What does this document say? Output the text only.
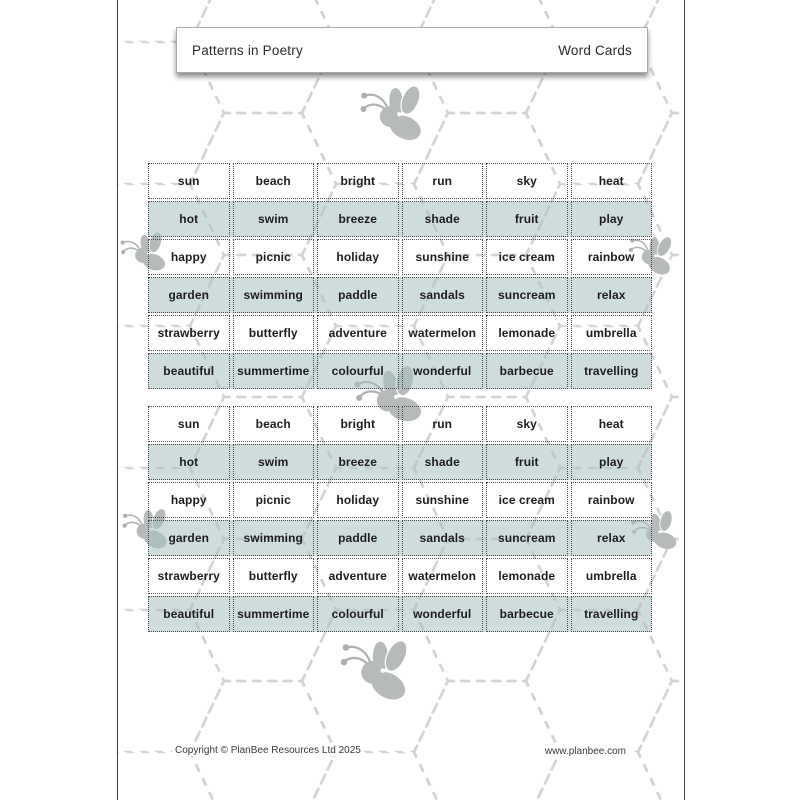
Patterns in Poetry	Word Cards
sun	beach	bright	run	sky	heat
hot	swim	breeze	shade	fruit	play
happy	picnic	holiday	sunshine	ice cream	rainbow
garden	swimming	paddle	sandals	suncream	relax
strawberry	butterfly	adventure	watermelon	lemonade	umbrella
beautiful	summertime	colourful	wonderful	barbecue	travelling
sun	beach	bright	run	sky	heat
hot	swim	breeze	shade	fruit	play
happy	picnic	holiday	sunshine	ice cream	rainbow
garden	swimming	paddle	sandals	suncream	relax
strawberry	butterfly	adventure	watermelon	lemonade	umbrella
beautiful	summertime	colourful	wonderful	barbecue	travelling
Copyright © PlanBee Resources Ltd 2025	www.planbee.com
